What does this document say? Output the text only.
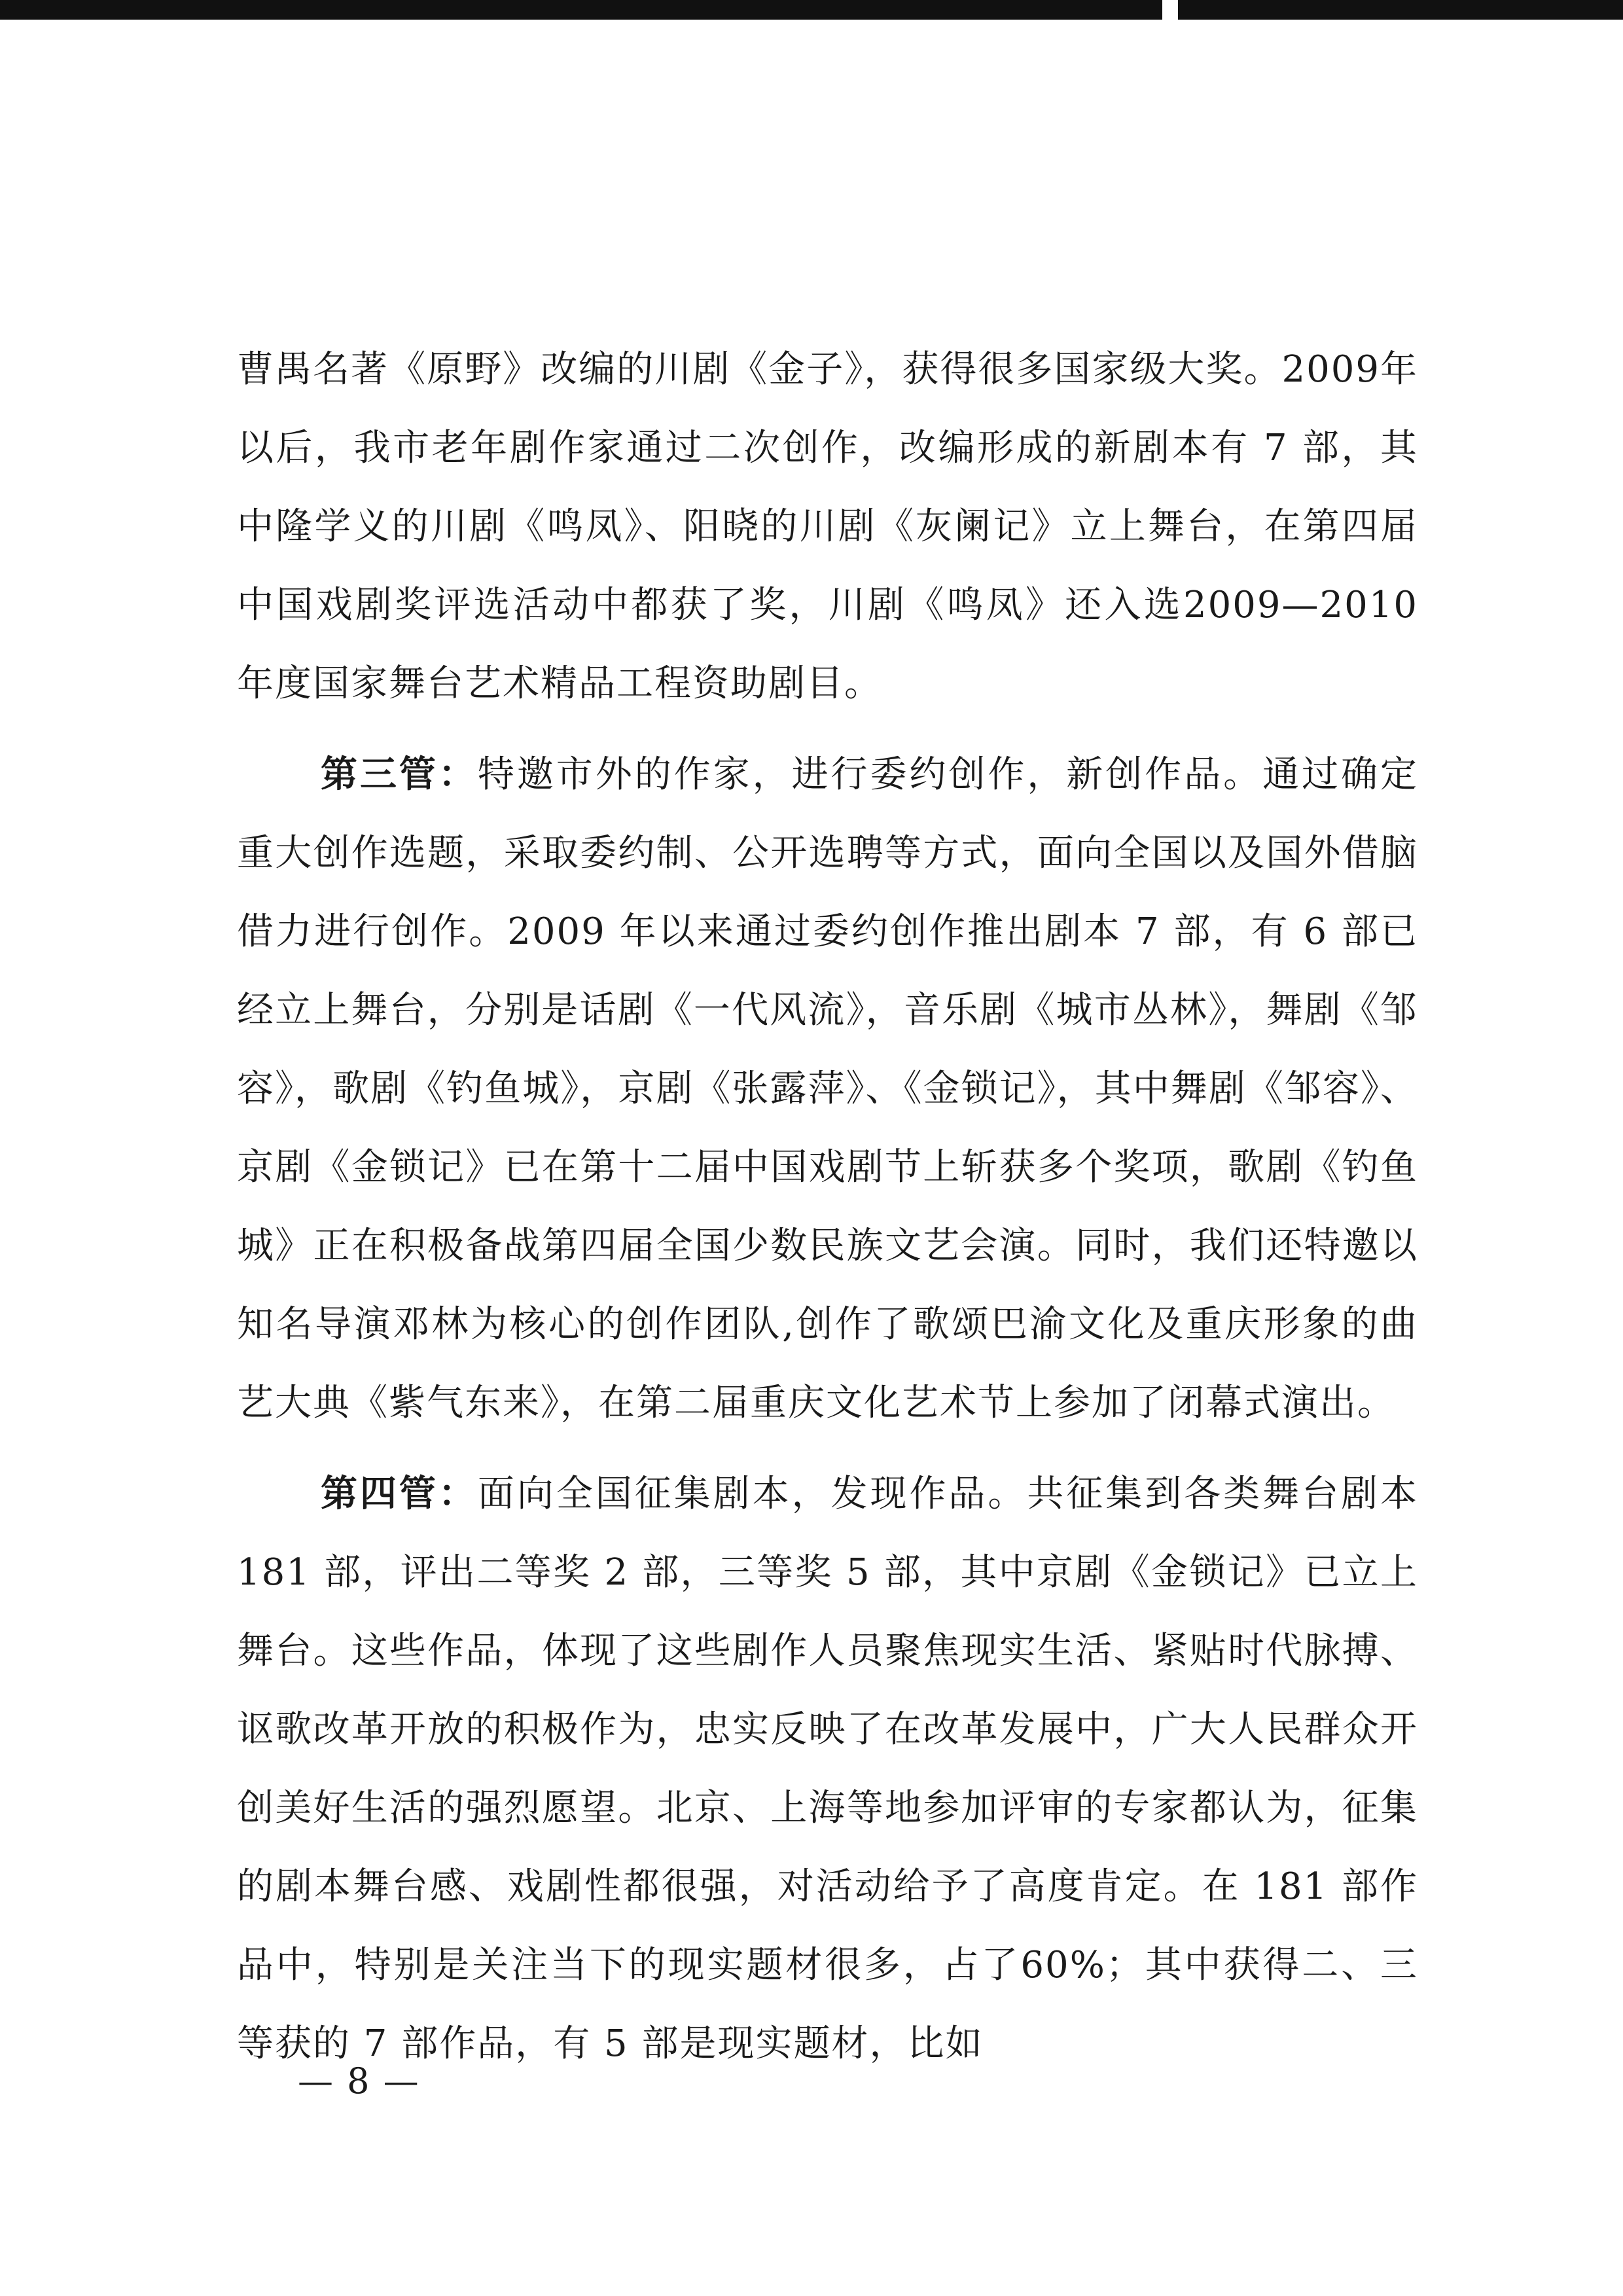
曹禺名著《原野》改编的川剧《金子》，获得很多国家级大奖。2009年以后，我市老年剧作家通过二次创作，改编形成的新剧本有 7 部，其中隆学义的川剧《鸣凤》、阳晓的川剧《灰阑记》立上舞台，在第四届中国戏剧奖评选活动中都获了奖，川剧《鸣凤》还入选2009—2010 年度国家舞台艺术精品工程资助剧目。

第三管：特邀市外的作家，进行委约创作，新创作品。通过确定重大创作选题，采取委约制、公开选聘等方式，面向全国以及国外借脑借力进行创作。2009 年以来通过委约创作推出剧本 7 部，有 6 部已经立上舞台，分别是话剧《一代风流》，音乐剧《城市丛林》，舞剧《邹容》，歌剧《钓鱼城》，京剧《张露萍》、《金锁记》，其中舞剧《邹容》、京剧《金锁记》已在第十二届中国戏剧节上斩获多个奖项，歌剧《钓鱼城》正在积极备战第四届全国少数民族文艺会演。同时，我们还特邀以知名导演邓林为核心的创作团队,创作了歌颂巴渝文化及重庆形象的曲艺大典《紫气东来》，在第二届重庆文化艺术节上参加了闭幕式演出。

第四管：面向全国征集剧本，发现作品。共征集到各类舞台剧本 181 部，评出二等奖 2 部，三等奖 5 部，其中京剧《金锁记》已立上舞台。这些作品，体现了这些剧作人员聚焦现实生活、紧贴时代脉搏、讴歌改革开放的积极作为，忠实反映了在改革发展中，广大人民群众开创美好生活的强烈愿望。北京、上海等地参加评审的专家都认为，征集的剧本舞台感、戏剧性都很强，对活动给予了高度肯定。在 181 部作品中，特别是关注当下的现实题材很多，占了60%；其中获得二、三等获的 7 部作品，有 5 部是现实题材，比如

— 8 —
